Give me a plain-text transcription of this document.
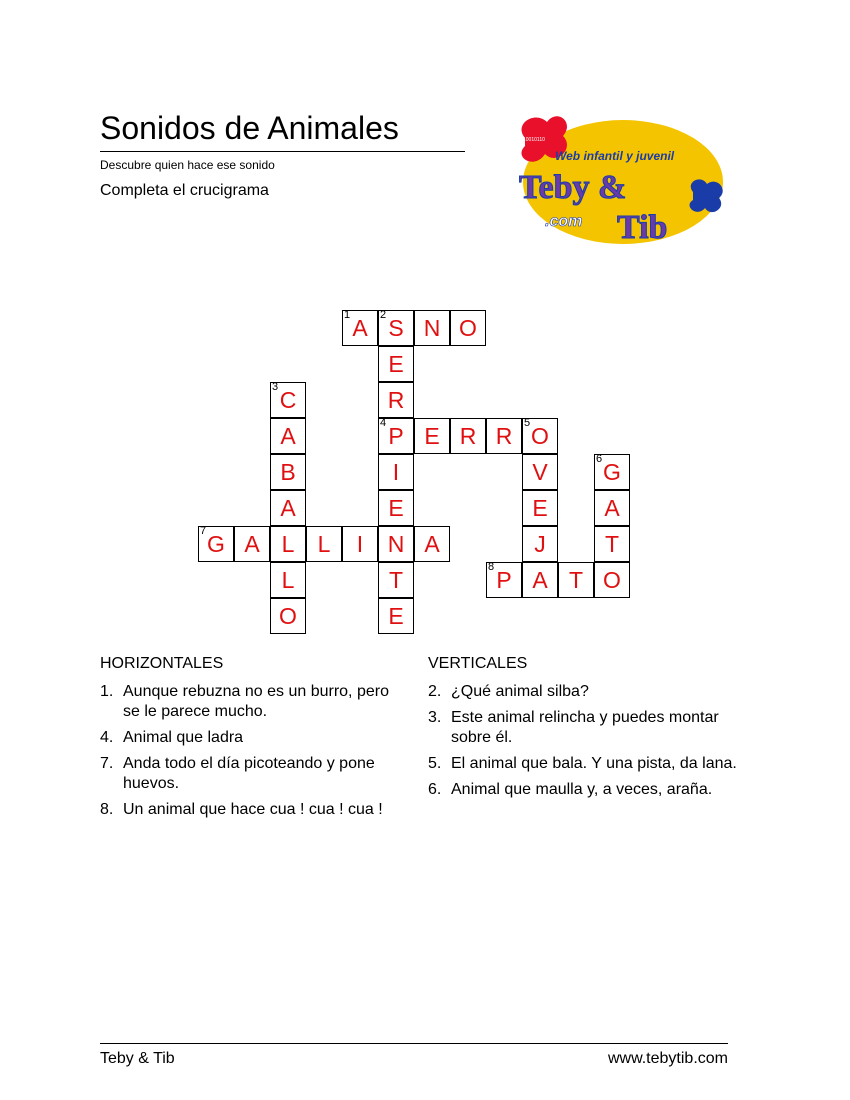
Sonidos de Animales
Descubre quien hace ese sonido
Completa el crucigrama
10010110
Web infantil y juvenil
Teby &
.com Tib
1 A 2 S N O
E
3 C	R
A	4 P E R R 5 O
B	I	V	6 G
A	E	E A
7 G A L L I N A	J	T
L	T	8 P A T O
O	E
HORIZONTALES
1. Aunque rebuzna no es un burro, pero se le parece mucho.
4. Animal que ladra
7. Anda todo el día picoteando y pone huevos.
8. Un animal que hace cua ! cua ! cua !
VERTICALES
2. ¿Qué animal silba?
3. Este animal relincha y puedes montar sobre él.
5. El animal que bala. Y una pista, da lana.
6. Animal que maulla y, a veces, araña.
Teby & Tib	www.tebytib.com
